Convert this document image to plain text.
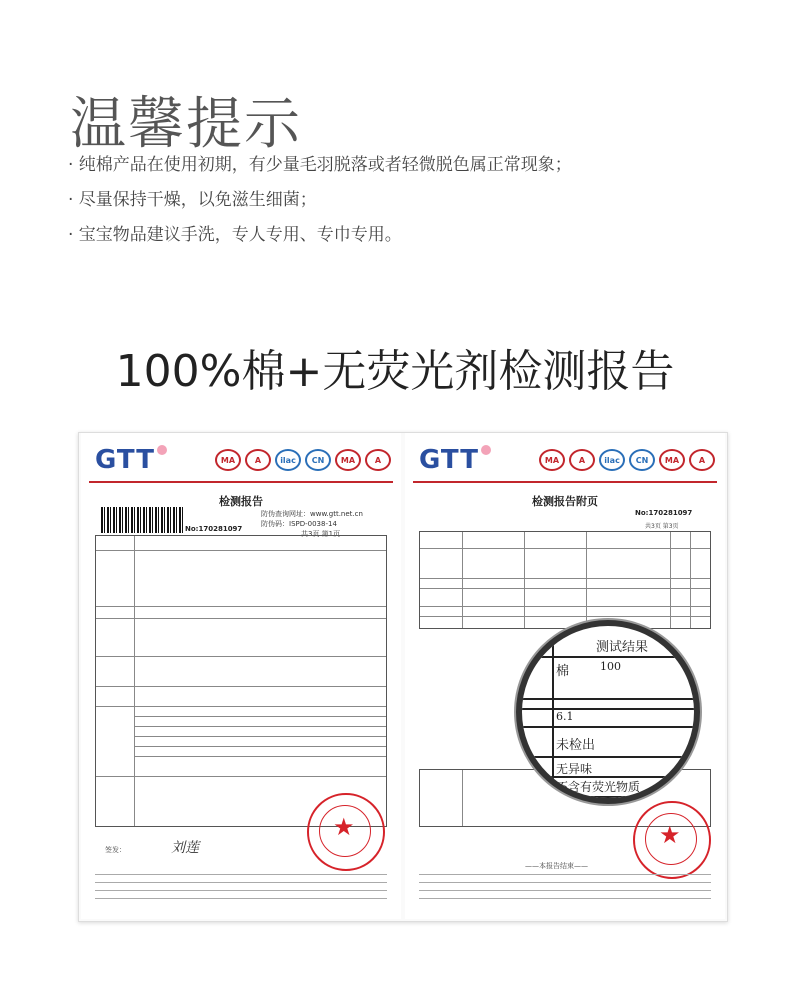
温馨提示
· 纯棉产品在使用初期，有少量毛羽脱落或者轻微脱色属正常现象；
· 尽量保持干燥，以免滋生细菌；
· 宝宝物品建议手洗，专人专用、专巾专用。
100%棉+无荧光剂检测报告
GTT	MA	A	ilac	CN	MA	A
检测报告
防伪查询网址：www.gtt.net.cn
防伪码：ISPD-0038-14
共3页 第1页
No:170281097
★
签发：	刘莲
GTT	MA	A	ilac	CN	MA	A
检测报告附页
No:170281097
共3页 第3页
★
——本报告结束——
测试结果
棉	100
6.1
未检出
无异味
不含有荧光物质
